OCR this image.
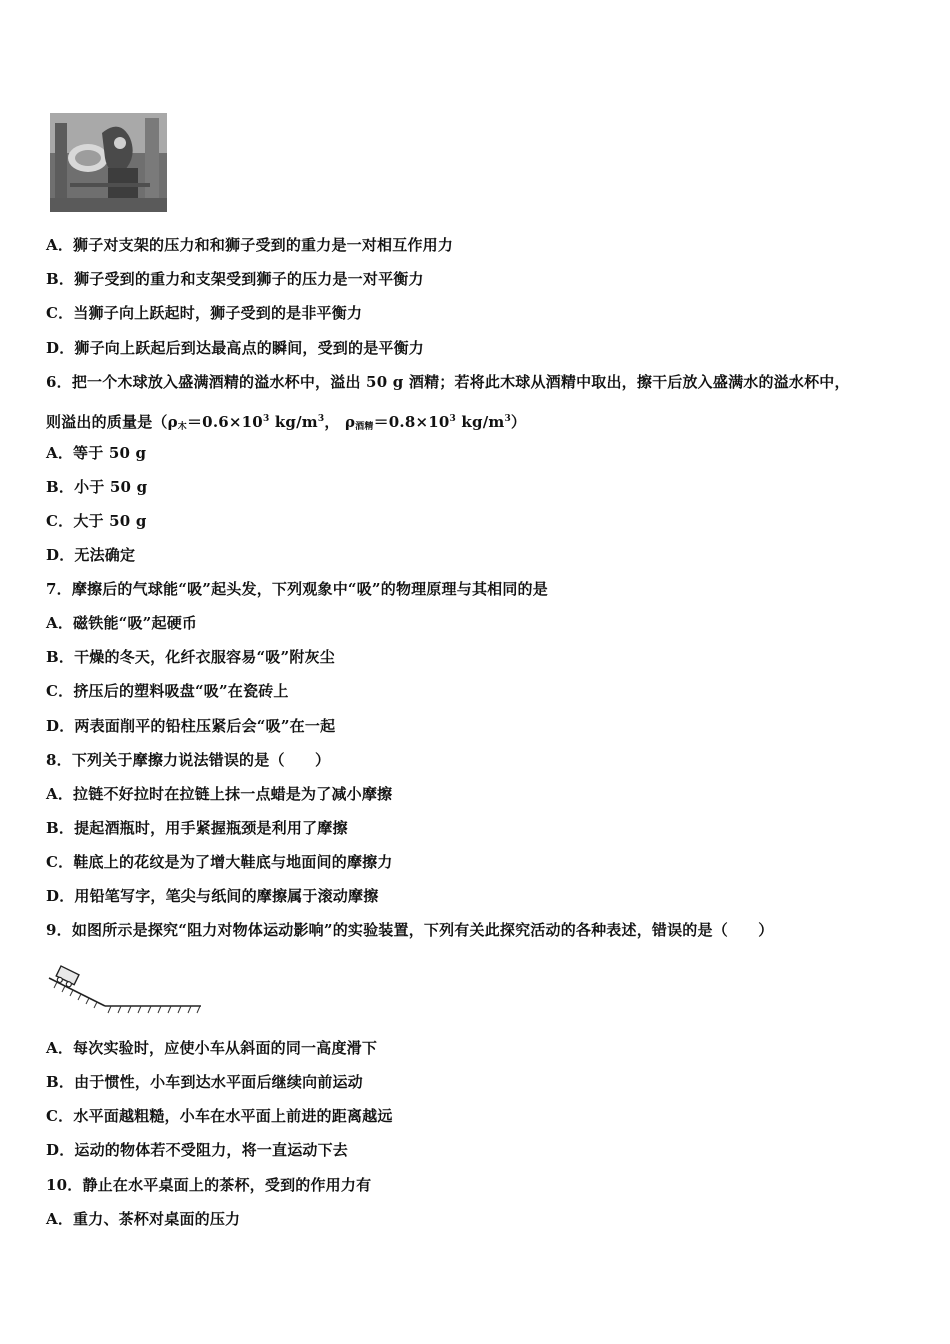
A．狮子对支架的压力和和狮子受到的重力是一对相互作用力
B．狮子受到的重力和支架受到狮子的压力是一对平衡力
C．当狮子向上跃起时，狮子受到的是非平衡力
D．狮子向上跃起后到达最高点的瞬间，受到的是平衡力
6．把一个木球放入盛满酒精的溢水杯中，溢出 50 g 酒精；若将此木球从酒精中取出，擦干后放入盛满水的溢水杯中，
则溢出的质量是（$\rho_木=0.6\times 10^3$ $kg/m^3$， $\rho_{酒精}=0.8\times 10^3$ $kg/m^3$）
A．等于 50 g
B．小于 50 g
C．大于 50 g
D．无法确定
7．摩擦后的气球能“吸”起头发，下列观象中“吸”的物理原理与其相同的是
A．磁铁能“吸”起硬币
B．干燥的冬天，化纤衣服容易“吸”附灰尘
C．挤压后的塑料吸盘“吸”在瓷砖上
D．两表面削平的铅柱压紧后会“吸”在一起
8．下列关于摩擦力说法错误的是（　　）
A．拉链不好拉时在拉链上抹一点蜡是为了减小摩擦
B．提起酒瓶时，用手紧握瓶颈是利用了摩擦
C．鞋底上的花纹是为了增大鞋底与地面间的摩擦力
D．用铅笔写字，笔尖与纸间的摩擦属于滚动摩擦
9．如图所示是探究“阻力对物体运动影响”的实验装置，下列有关此探究活动的各种表述，错误的是（　　）
A．每次实验时，应使小车从斜面的同一高度滑下
B．由于惯性，小车到达水平面后继续向前运动
C．水平面越粗糙，小车在水平面上前进的距离越远
D．运动的物体若不受阻力，将一直运动下去
10．静止在水平桌面上的茶杯，受到的作用力有
A．重力、茶杯对桌面的压力
